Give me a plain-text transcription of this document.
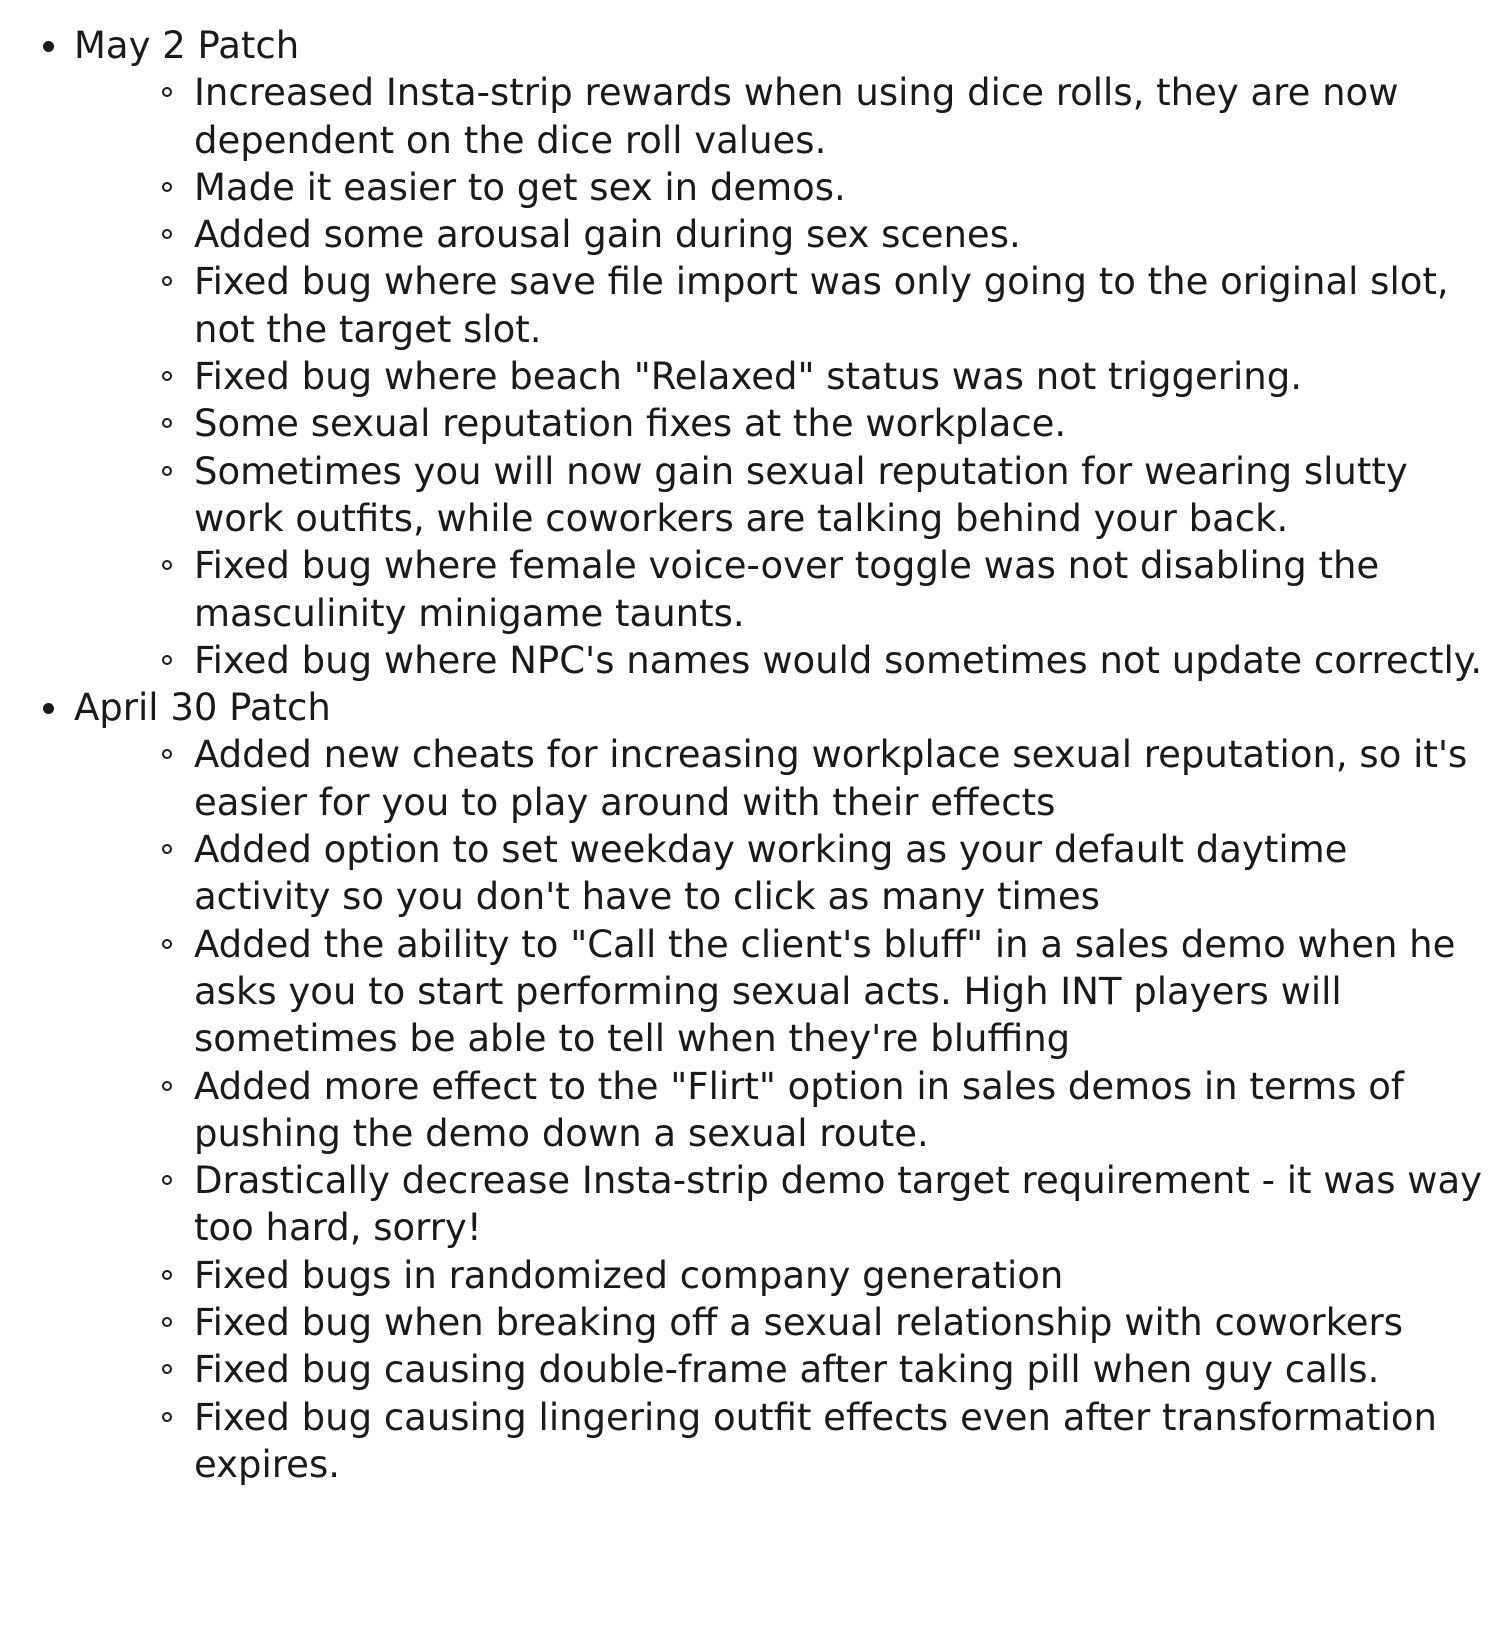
May 2 Patch
Increased Insta-strip rewards when using dice rolls, they are now dependent on the dice roll values.
Made it easier to get sex in demos.
Added some arousal gain during sex scenes.
Fixed bug where save file import was only going to the original slot, not the target slot.
Fixed bug where beach "Relaxed" status was not triggering.
Some sexual reputation fixes at the workplace.
Sometimes you will now gain sexual reputation for wearing slutty work outfits, while coworkers are talking behind your back.
Fixed bug where female voice-over toggle was not disabling the masculinity minigame taunts.
Fixed bug where NPC's names would sometimes not update correctly.
April 30 Patch
Added new cheats for increasing workplace sexual reputation, so it's easier for you to play around with their effects
Added option to set weekday working as your default daytime activity so you don't have to click as many times
Added the ability to "Call the client's bluff" in a sales demo when he asks you to start performing sexual acts. High INT players will sometimes be able to tell when they're bluffing
Added more effect to the "Flirt" option in sales demos in terms of pushing the demo down a sexual route.
Drastically decrease Insta-strip demo target requirement - it was way too hard, sorry!
Fixed bugs in randomized company generation
Fixed bug when breaking off a sexual relationship with coworkers
Fixed bug causing double-frame after taking pill when guy calls.
Fixed bug causing lingering outfit effects even after transformation expires.
